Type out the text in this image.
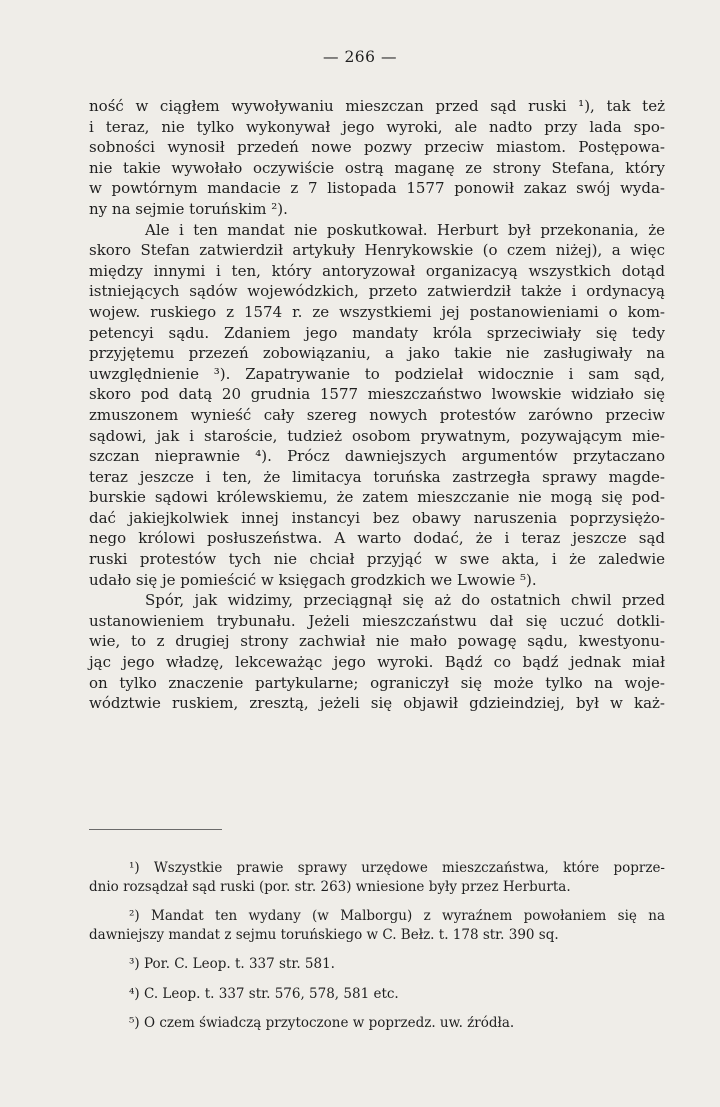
— 266 —
ność w ciągłem wywoływaniu mieszczan przed sąd ruski ¹), tak też
i teraz, nie tylko wykonywał jego wyroki, ale nadto przy lada spo-
sobności wynosił przedeń nowe pozwy przeciw miastom. Postępowa-
nie takie wywołało oczywiście ostrą maganę ze strony Stefana, który
w powtórnym mandacie z 7 listopada 1577 ponowił zakaz swój wyda-
ny na sejmie toruńskim ²).
Ale i ten mandat nie poskutkował. Herburt był przekonania, że
skoro Stefan zatwierdził artykuły Henrykowskie (o czem niżej), a więc
między innymi i ten, który antoryzował organizacyą wszystkich dotąd
istniejących sądów wojewódzkich, przeto zatwierdził także i ordynacyą
wojew. ruskiego z 1574 r. ze wszystkiemi jej postanowieniami o kom-
petencyi sądu. Zdaniem jego mandaty króla sprzeciwiały się tedy
przyjętemu przezeń zobowiązaniu, a jako takie nie zasługiwały na
uwzględnienie ³). Zapatrywanie to podzielał widocznie i sam sąd,
skoro pod datą 20 grudnia 1577 mieszczaństwo lwowskie widziało się
zmuszonem wynieść cały szereg nowych protestów zarówno przeciw
sądowi, jak i staroście, tudzież osobom prywatnym, pozywającym mie-
szczan nieprawnie ⁴). Prócz dawniejszych argumentów przytaczano
teraz jeszcze i ten, że limitacya toruńska zastrzegła sprawy magde-
burskie sądowi królewskiemu, że zatem mieszczanie nie mogą się pod-
dać jakiejkolwiek innej instancyi bez obawy naruszenia poprzysiężo-
nego królowi posłuszeństwa. A warto dodać, że i teraz jeszcze sąd
ruski protestów tych nie chciał przyjąć w swe akta, i że zaledwie
udało się je pomieścić w księgach grodzkich we Lwowie ⁵).
Spór, jak widzimy, przeciągnął się aż do ostatnich chwil przed
ustanowieniem trybunału. Jeżeli mieszczaństwu dał się uczuć dotkli-
wie, to z drugiej strony zachwiał nie mało powagę sądu, kwestyonu-
jąc jego władzę, lekceważąc jego wyroki. Bądź co bądź jednak miał
on tylko znaczenie partykularne; ograniczył się może tylko na woje-
wództwie ruskiem, zresztą, jeżeli się objawił gdzieindziej, był w każ-
¹) Wszystkie prawie sprawy urzędowe mieszczaństwa, które poprze-
dnio rozsądzał sąd ruski (por. str. 263) wniesione były przez Herburta.
²) Mandat ten wydany (w Malborgu) z wyraźnem powołaniem się na
dawniejszy mandat z sejmu toruńskiego w C. Bełz. t. 178 str. 390 sq.
³) Por. C. Leop. t. 337 str. 581.
⁴) C. Leop. t. 337 str. 576, 578, 581 etc.
⁵) O czem świadczą przytoczone w poprzedz. uw. źródła.
